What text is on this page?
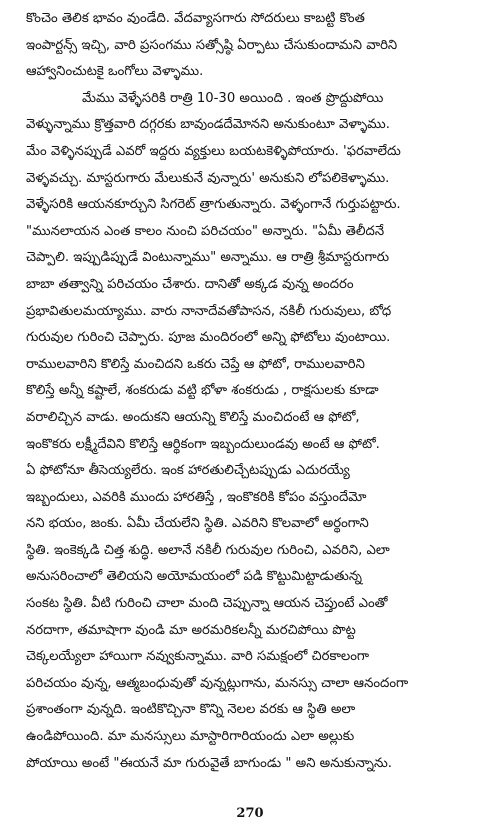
కొంచెం తెలిక భావం వుండేది. వేదవ్యాసగారు సోదరులు కాబట్టి కొంత
ఇంపార్టన్స్ ఇచ్చి, వారి ప్రసంగము సత్సోష్ఠి ఏర్పాటు చేసుకుందామని వారిని
ఆహ్వానించుటకై ఒంగోలు వెళ్ళాము.
మేము వెళ్ళేసరికి రాత్రి 10-30 అయింది . ఇంత ప్రొద్దుపోయి
వెళ్ళున్నాము క్రొత్తవారి దగ్గరకు బావుండదేమోనని అనుకుంటూ వెళ్ళాము.
మేం వెళ్ళినప్పుడే ఎవరో ఇద్దరు వ్యక్తులు బయటకెళ్ళిపోయారు. 'ఫరవాలేదు
వెళ్ళవచ్చు. మాస్టరుగారు మేలుకునే వున్నారు' అనుకుని లోపలికెళ్ళాము.
వెళ్ళేసరికి ఆయనకూర్చుని సిగరెట్ త్రాగుతున్నారు. వెళ్ళంగానే గుర్తుపట్టారు.
"మునలాయన ఎంత కాలం నుంచి పరిచయం" అన్నారు. "ఏమీ తెలీదనే
చెప్పాలి. ఇప్పుడిప్పుడే వింటున్నాము" అన్నాము. ఆ రాత్రి శ్రీమాస్టరుగారు
బాబా తత్వాన్ని పరిచయం చేశారు. దానితో అక్కడ వున్న అందరం
ప్రభావితులమయ్యాము. వారు నానాదేవతోపాసన, నకిలీ గురువులు, బోధ
గురువుల గురించి చెప్పారు. పూజ మందిరంలో అన్ని ఫోటోలు వుంటాయి.
రాములవారిని కొలిస్తే మంచిదని ఒకరు చెప్తే ఆ ఫోటో, రాములవారిని
కొలిస్తే అన్నీ కష్టాలే, శంకరుడు వట్టి భోళా శంకరుడు , రాక్షసులకు కూడా
వరాలిచ్చిన వాడు. అందుకని ఆయన్ని కొలిస్తే మంచిదంటే ఆ ఫోటో,
ఇంకొకరు లక్ష్మీదేవిని కొలిస్తే ఆర్థికంగా ఇబ్బందులుండవు అంటే ఆ ఫోటో.
ఏ ఫోటోనూ తీసెయ్యలేరు. ఇంక హారతులిచ్చేటప్పుడు ఎదురయ్యే
ఇబ్బందులు, ఎవరికి ముందు హారతిస్తే , ఇంకొకరికి కోపం వస్తుందేమో
నని భయం, జంకు. ఏమీ చేయలేని స్థితి. ఎవరిని కొలవాలో అర్థంగాని
స్థితి. ఇంకెక్కడి చిత్త శుద్ధి. అలానే నకిలీ గురువుల గురించి, ఎవరిని, ఎలా
అనుసరించాలో తెలియని అయోమయంలో పడి కొట్టుమిట్టాడుతున్న
సంకట స్థితి. వీటి గురించి చాలా మంది చెప్పున్నా ఆయన చెప్తుంటే ఎంతో
నరదాగా, తమాషాగా వుండి మా అరమరికలన్నీ మరచిపోయి పొట్ట
చెక్కలయ్యేలా హాయిగా నవ్వుకున్నాము. వారి సమక్షంలో చిరకాలంగా
పరిచయం వున్న, ఆత్మబంధువుతో వున్నట్లుగాను, మనస్సు చాలా ఆనందంగా
ప్రశాంతంగా వున్నది. ఇంటికొచ్చినా కొన్ని నెలల వరకు ఆ స్థితి అలా
ఉండిపోయింది. మా మనస్సులు మాస్టారిగారియందు ఎలా అల్లుకు
పోయాయి అంటే "ఈయనే మా గురువైతే బాగుండు " అని అనుకున్నాను.
270
